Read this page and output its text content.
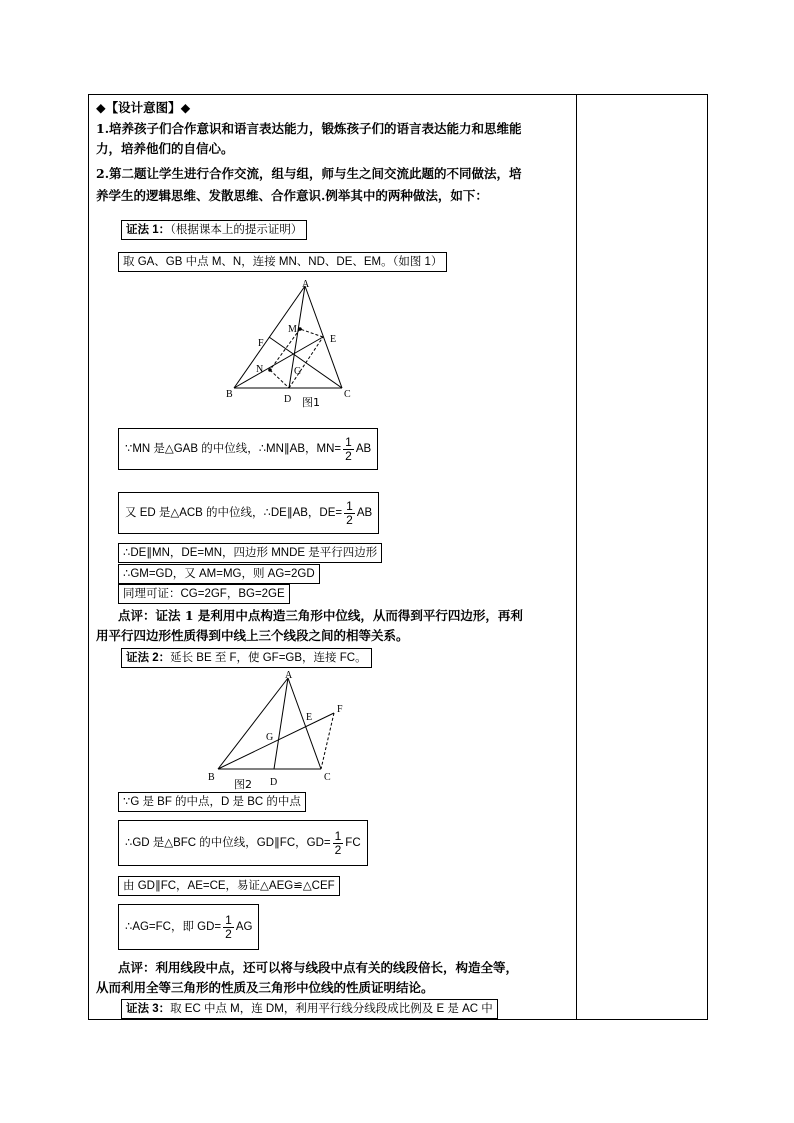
◆【设计意图】◆
1.培养孩子们合作意识和语言表达能力，锻炼孩子们的语言表达能力和思维能
力，培养他们的自信心。
2.第二题让学生进行合作交流，组与组，师与生之间交流此题的不同做法，培
养学生的逻辑思维、发散思维、合作意识.例举其中的两种做法，如下：
证法 1：（根据课本上的提示证明）
取 GA、GB 中点 M、N，连接 MN、ND、DE、EM。（如图 1）
A
B	C
D
E
F
M
N	G
图1
∵MN 是△GAB 的中位线，∴MN∥AB，$MN= \frac{1}{2}$ AB
又 ED 是△ACB 的中位线，∴DE∥AB，$DE= \frac{1}{2}$ AB
∴DE∥MN，DE=MN，四边形 MNDE 是平行四边形
∴GM=GD，又 AM=MG，则 AG=2GD
同理可证：CG=2GF，BG=2GE
点评：证法 1 是利用中点构造三角形中位线，从而得到平行四边形，再利
用平行四边形性质得到中线上三个线段之间的相等关系。
证法 2：延长 BE 至 F，使 GF=GB，连接 FC。
A
B	C
D
E
F
G
图2
∵G 是 BF 的中点，D 是 BC 的中点
∴GD 是△BFC 的中位线，GD∥FC，$GD= \frac{1}{2}$ FC
由 GD∥FC，AE=CE，易证△AEG≌△CEF
∴AG=FC，即 $GD= \frac{1}{2}$ AG
点评：利用线段中点，还可以将与线段中点有关的线段倍长，构造全等，
从而利用全等三角形的性质及三角形中位线的性质证明结论。
证法 3：取 EC 中点 M，连 DM，利用平行线分线段成比例及 E 是 AC 中
